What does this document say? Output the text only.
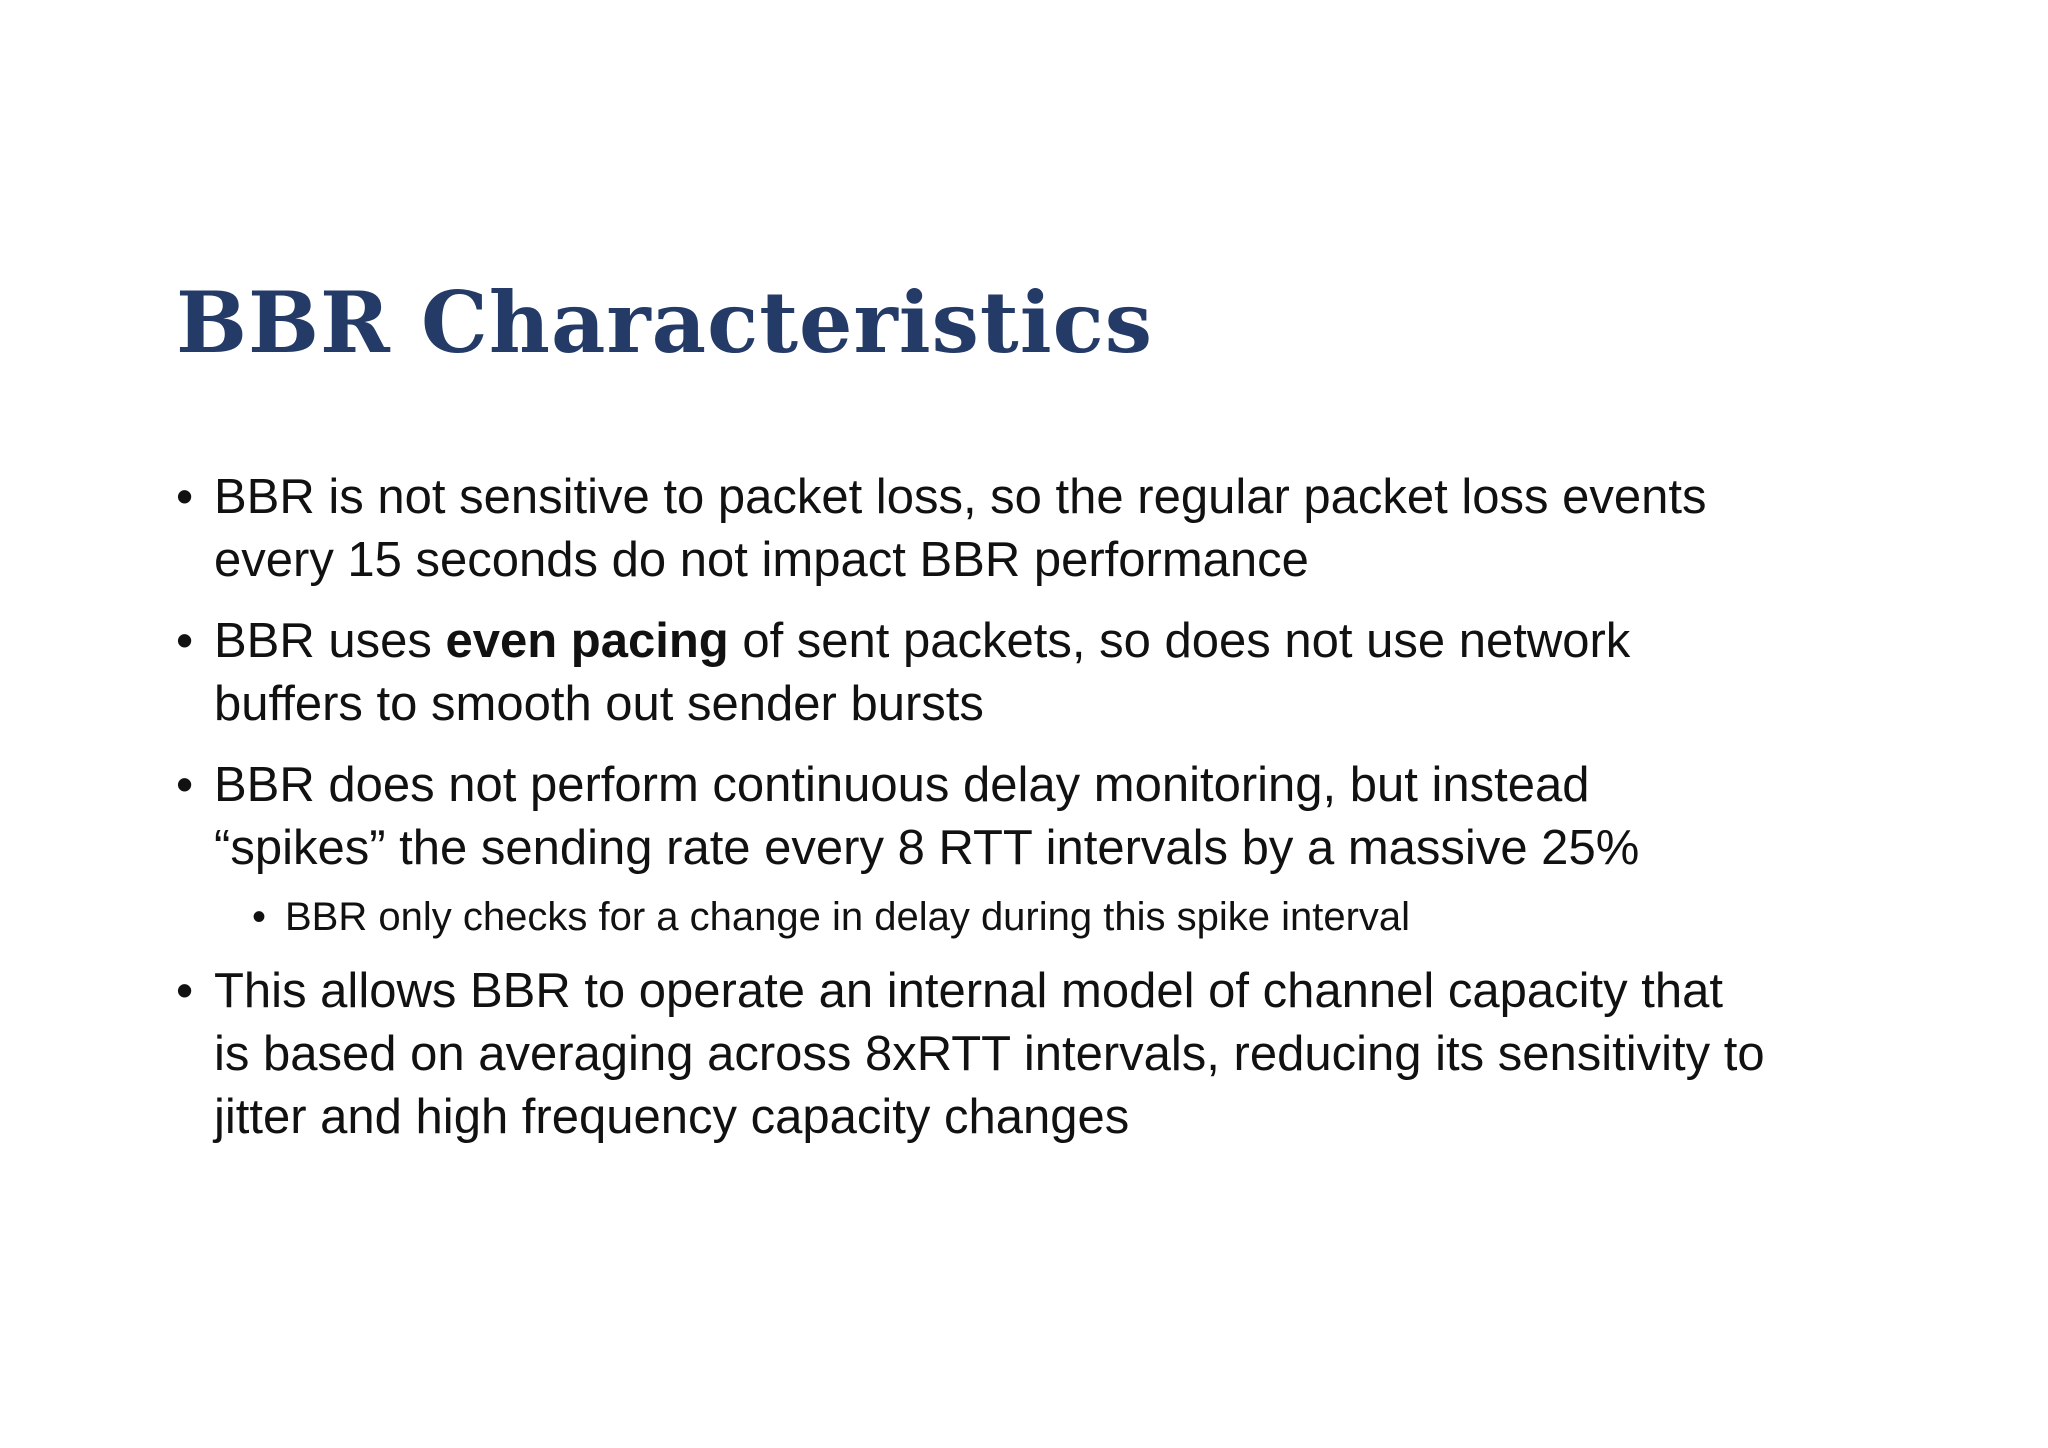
BBR Characteristics
• BBR is not sensitive to packet loss, so the regular packet loss events
every 15 seconds do not impact BBR performance
• BBR uses even pacing of sent packets, so does not use network
buffers to smooth out sender bursts
• BBR does not perform continuous delay monitoring, but instead
“spikes” the sending rate every 8 RTT intervals by a massive 25%
• BBR only checks for a change in delay during this spike interval
• This allows BBR to operate an internal model of channel capacity that
is based on averaging across 8xRTT intervals, reducing its sensitivity to
jitter and high frequency capacity changes
